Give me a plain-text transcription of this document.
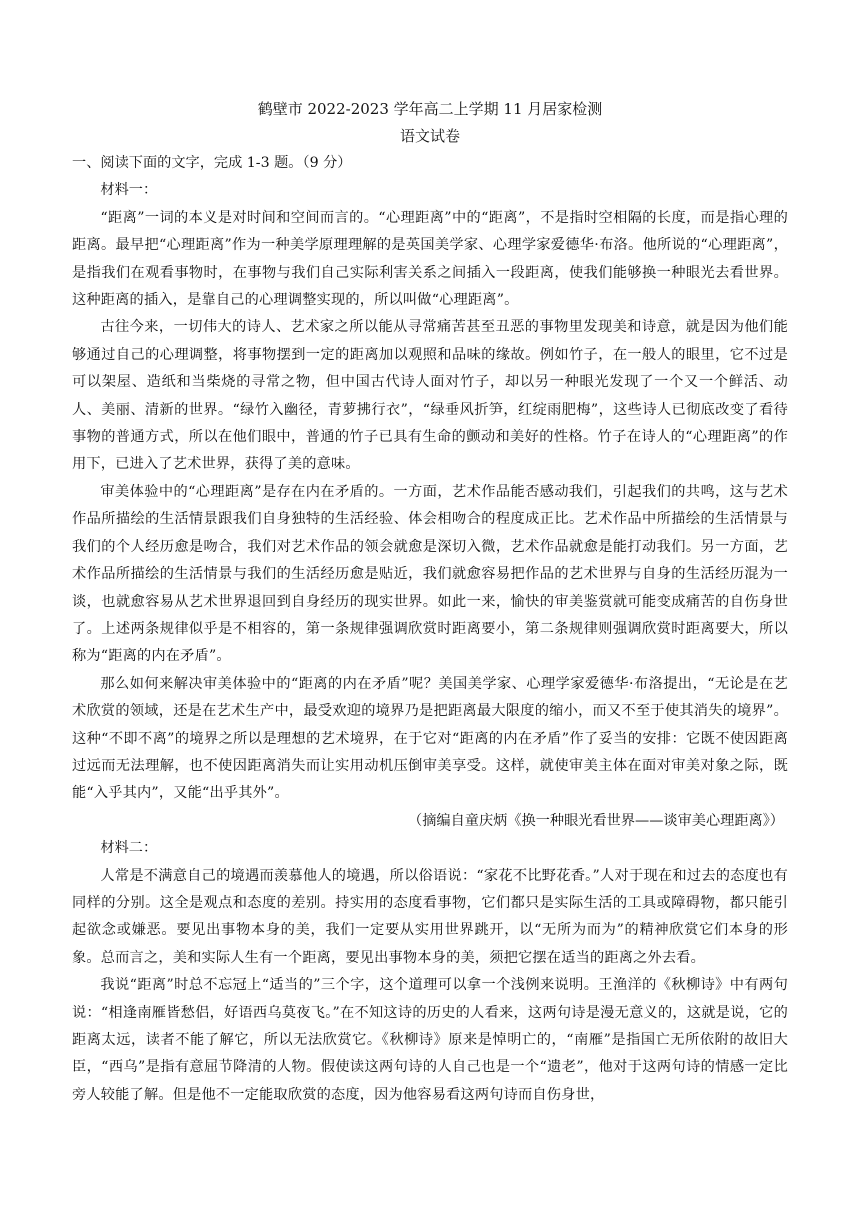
鹤壁市 2022-2023 学年高二上学期 11 月居家检测
语文试卷

一、阅读下面的文字，完成 1-3 题。（9 分）

材料一：

“距离”一词的本义是对时间和空间而言的。“心理距离”中的“距离”，不是指时空相隔的长度，而是指心理的距离。最早把“心理距离”作为一种美学原理理解的是英国美学家、心理学家爱德华·布洛。他所说的“心理距离”，是指我们在观看事物时，在事物与我们自己实际利害关系之间插入一段距离，使我们能够换一种眼光去看世界。这种距离的插入，是靠自己的心理调整实现的，所以叫做“心理距离”。

古往今来，一切伟大的诗人、艺术家之所以能从寻常痛苦甚至丑恶的事物里发现美和诗意，就是因为他们能够通过自己的心理调整，将事物摆到一定的距离加以观照和品味的缘故。例如竹子，在一般人的眼里，它不过是可以架屋、造纸和当柴烧的寻常之物，但中国古代诗人面对竹子，却以另一种眼光发现了一个又一个鲜活、动人、美丽、清新的世界。“绿竹入幽径，青萝拂行衣”，“绿垂风折笋，红绽雨肥梅”，这些诗人已彻底改变了看待事物的普通方式，所以在他们眼中，普通的竹子已具有生命的颤动和美好的性格。竹子在诗人的“心理距离”的作用下，已进入了艺术世界，获得了美的意味。

审美体验中的“心理距离”是存在内在矛盾的。一方面，艺术作品能否感动我们，引起我们的共鸣，这与艺术作品所描绘的生活情景跟我们自身独特的生活经验、体会相吻合的程度成正比。艺术作品中所描绘的生活情景与我们的个人经历愈是吻合，我们对艺术作品的领会就愈是深切入微，艺术作品就愈是能打动我们。另一方面，艺术作品所描绘的生活情景与我们的生活经历愈是贴近，我们就愈容易把作品的艺术世界与自身的生活经历混为一谈，也就愈容易从艺术世界退回到自身经历的现实世界。如此一来，愉快的审美鉴赏就可能变成痛苦的自伤身世了。上述两条规律似乎是不相容的，第一条规律强调欣赏时距离要小，第二条规律则强调欣赏时距离要大，所以称为“距离的内在矛盾”。

那么如何来解决审美体验中的“距离的内在矛盾”呢？美国美学家、心理学家爱德华·布洛提出，“无论是在艺术欣赏的领域，还是在艺术生产中，最受欢迎的境界乃是把距离最大限度的缩小，而又不至于使其消失的境界”。这种“不即不离”的境界之所以是理想的艺术境界，在于它对“距离的内在矛盾”作了妥当的安排：它既不使因距离过远而无法理解，也不使因距离消失而让实用动机压倒审美享受。这样，就使审美主体在面对审美对象之际，既能“入乎其内”，又能“出乎其外”。

（摘编自童庆炳《换一种眼光看世界——谈审美心理距离》）

材料二：

人常是不满意自己的境遇而羡慕他人的境遇，所以俗语说：“家花不比野花香。”人对于现在和过去的态度也有同样的分别。这全是观点和态度的差别。持实用的态度看事物，它们都只是实际生活的工具或障碍物，都只能引起欲念或嫌恶。要见出事物本身的美，我们一定要从实用世界跳开，以“无所为而为”的精神欣赏它们本身的形象。总而言之，美和实际人生有一个距离，要见出事物本身的美，须把它摆在适当的距离之外去看。

我说“距离”时总不忘冠上“适当的”三个字，这个道理可以拿一个浅例来说明。王渔洋的《秋柳诗》中有两句说：“相逢南雁皆愁侣，好语西乌莫夜飞。”在不知这诗的历史的人看来，这两句诗是漫无意义的，这就是说，它的距离太远，读者不能了解它，所以无法欣赏它。《秋柳诗》原来是悼明亡的，“南雁”是指国亡无所依附的故旧大臣，“西乌”是指有意屈节降清的人物。假使读这两句诗的人自己也是一个“遗老”，他对于这两句诗的情感一定比旁人较能了解。但是他不一定能取欣赏的态度，因为他容易看这两句诗而自伤身世，
